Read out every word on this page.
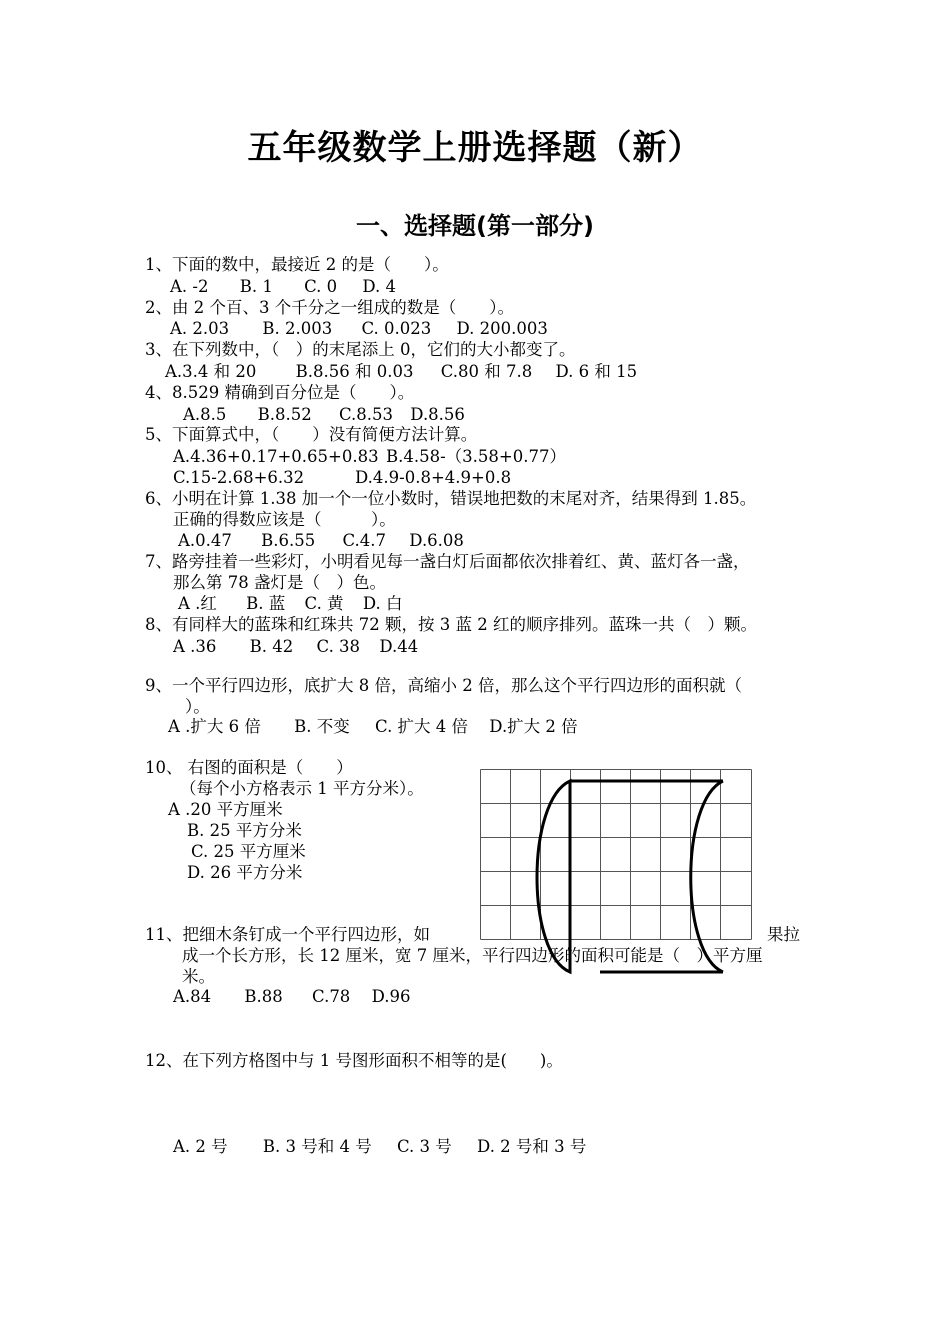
五年级数学上册选择题（新）
一、选择题(第一部分)
1、下面的数中，最接近 2 的是（　　）。
A. -2 B. 1 C. 0 D. 4
2、由 2 个百、3 个千分之一组成的数是（　　）。
A. 2.03 B. 2.003 C. 0.023 D. 200.003
3、在下列数中，（　）的末尾添上 0，它们的大小都变了。
A.3.4 和 20 B.8.56 和 0.03 C.80 和 7.8 D. 6 和 15
4、8.529 精确到百分位是（　　）。
A.8.5 B.8.52 C.8.53 D.8.56
5、下面算式中，（　　）没有简便方法计算。
A.4.36+0.17+0.65+0.83 B.4.58-（3.58+0.77）
C.15-2.68+6.32	D.4.9-0.8+4.9+0.8
6、小明在计算 1.38 加一个一位小数时，错误地把数的末尾对齐，结果得到 1.85。
正确的得数应该是（　　　）。
A.0.47 B.6.55 C.4.7 D.6.08
7、路旁挂着一些彩灯，小明看见每一盏白灯后面都依次排着红、黄、蓝灯各一盏，
那么第 78 盏灯是（　）色。
A .红 B. 蓝 C. 黄 D. 白
8、有同样大的蓝珠和红珠共 72 颗，按 3 蓝 2 红的顺序排列。蓝珠一共（　）颗。
A .36 B. 42 C. 38 D.44
9、一个平行四边形，底扩大 8 倍，高缩小 2 倍，那么这个平行四边形的面积就（
）。
A .扩大 6 倍 B. 不变 C. 扩大 4 倍 D.扩大 2 倍
10、 右图的面积是（　　）
（每个小方格表示 1 平方分米）。
A .20 平方厘米
B. 25 平方分米
C. 25 平方厘米
D. 26 平方分米
11、把细木条钉成一个平行四边形，如	果拉
成一个长方形，长 12 厘米，宽 7 厘米，平行四边形的面积可能是（　）平方厘
米。
A.84 B.88 C.78 D.96
12、在下列方格图中与 1 号图形面积不相等的是(　　)。
A. 2 号 B. 3 号和 4 号 C. 3 号 D. 2 号和 3 号
